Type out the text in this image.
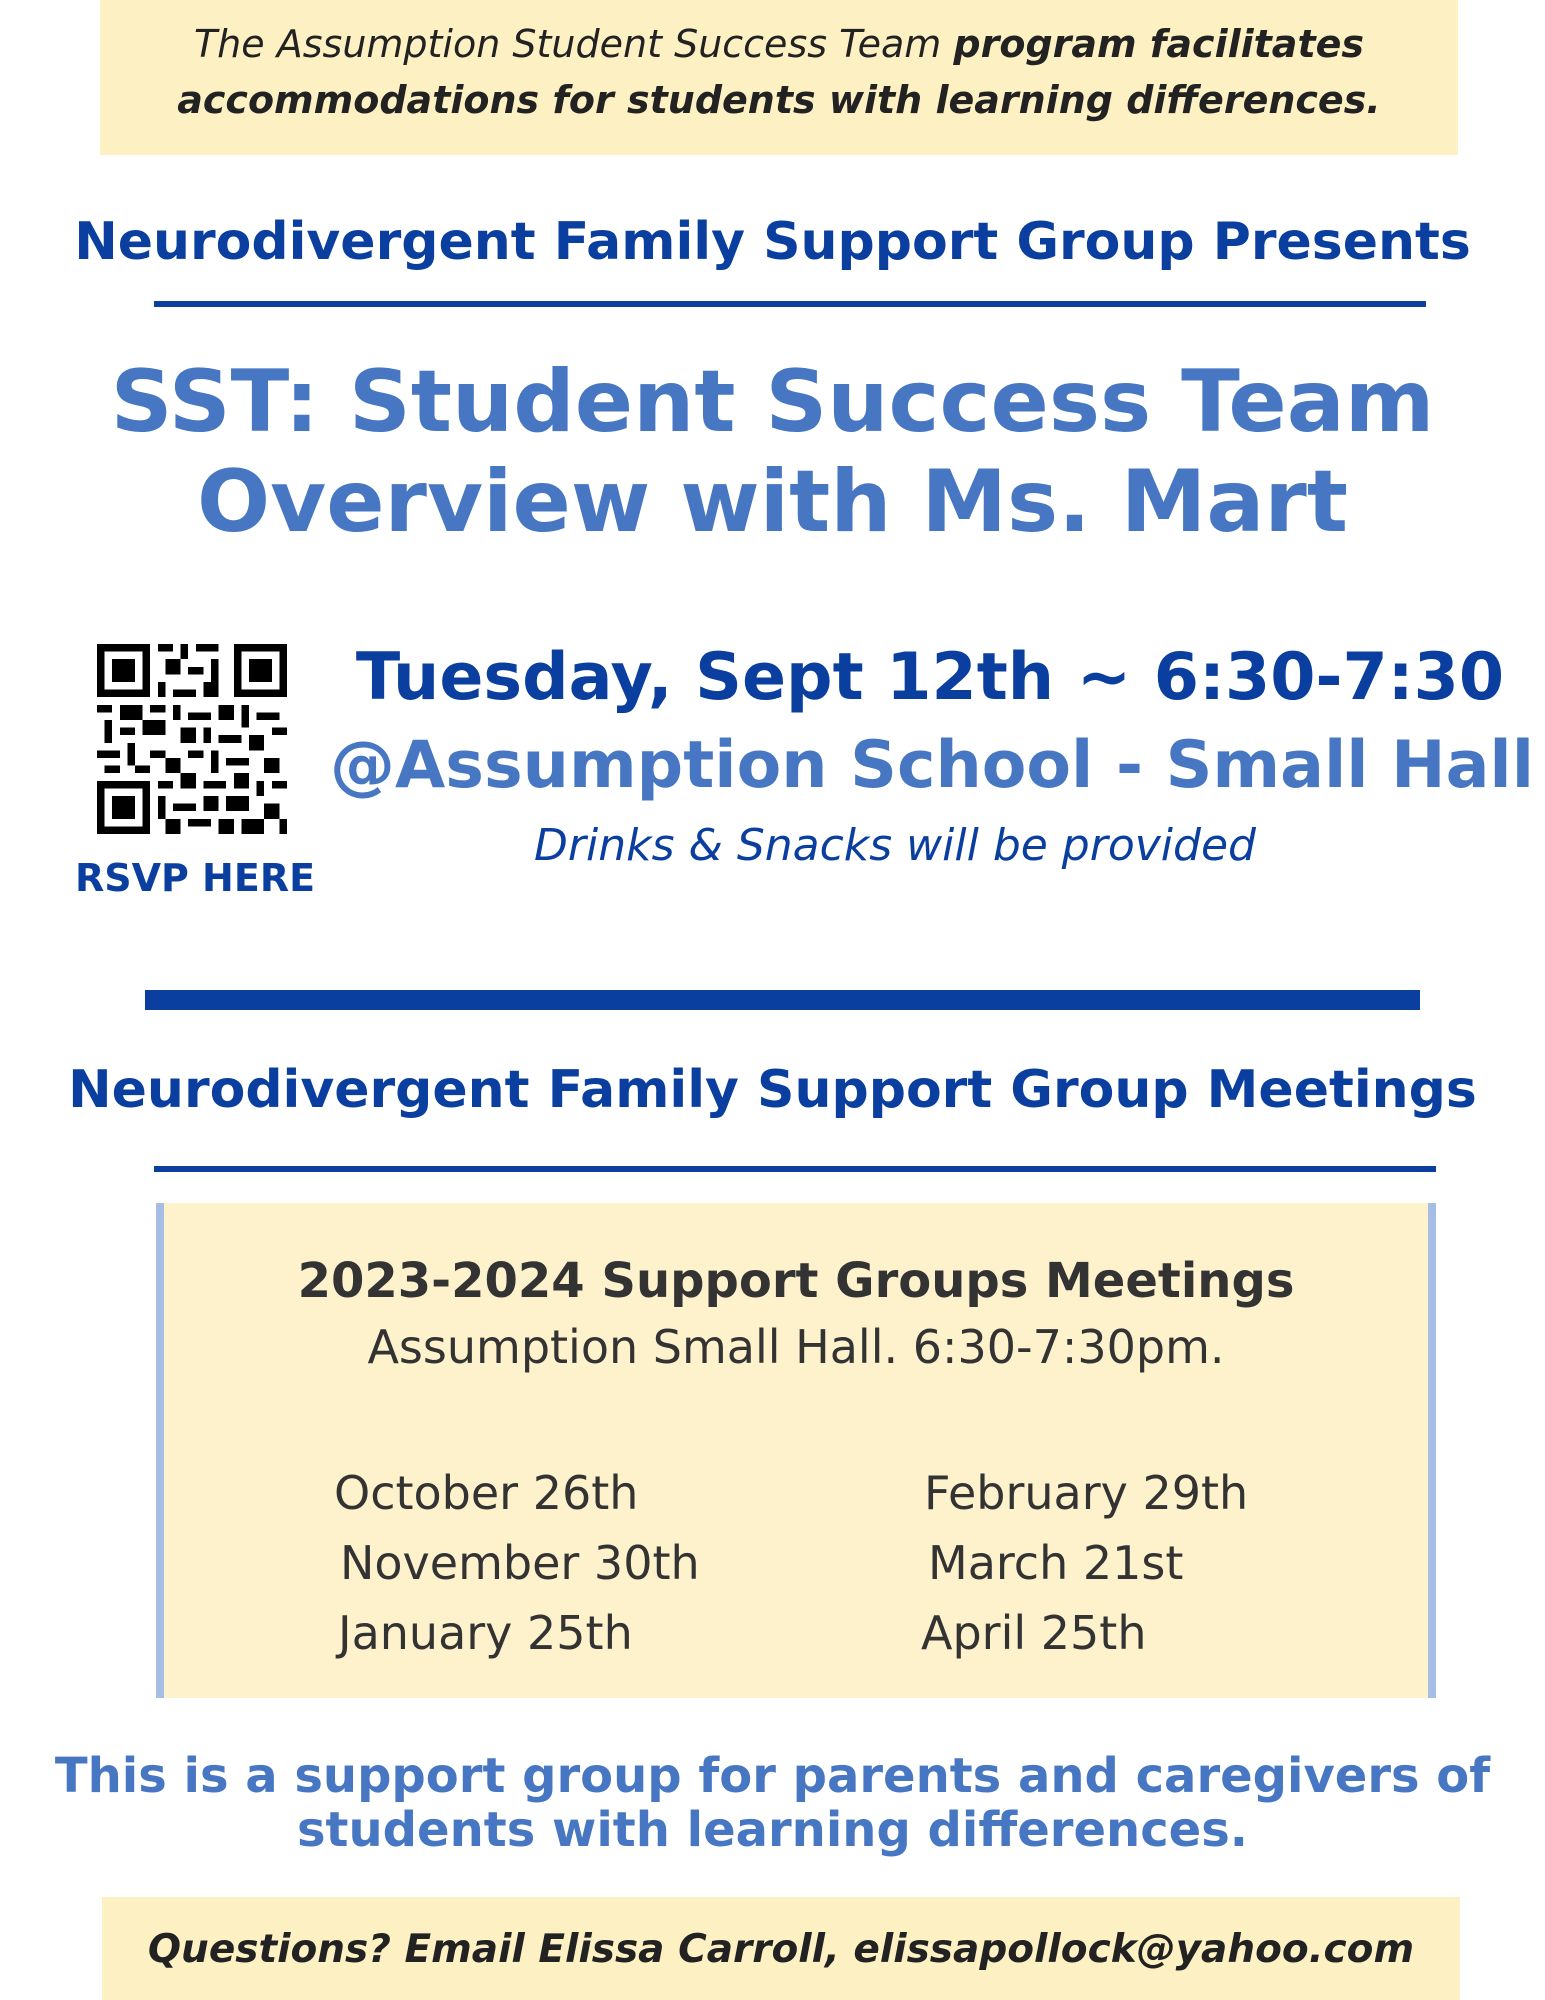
The Assumption Student Success Team program facilitates
accommodations for students with learning differences.
Neurodivergent Family Support Group Presents
SST: Student Success Team
Overview with Ms. Mart
RSVP HERE
Tuesday, Sept 12th ~ 6:30-7:30
@Assumption School - Small Hall
Drinks & Snacks will be provided
Neurodivergent Family Support Group Meetings
2023-2024 Support Groups Meetings
Assumption Small Hall. 6:30-7:30pm.
October 26th
November 30th
January 25th
February 29th
March 21st
April 25th
This is a support group for parents and caregivers of
students with learning differences.
Questions? Email Elissa Carroll, elissapollock@yahoo.com
